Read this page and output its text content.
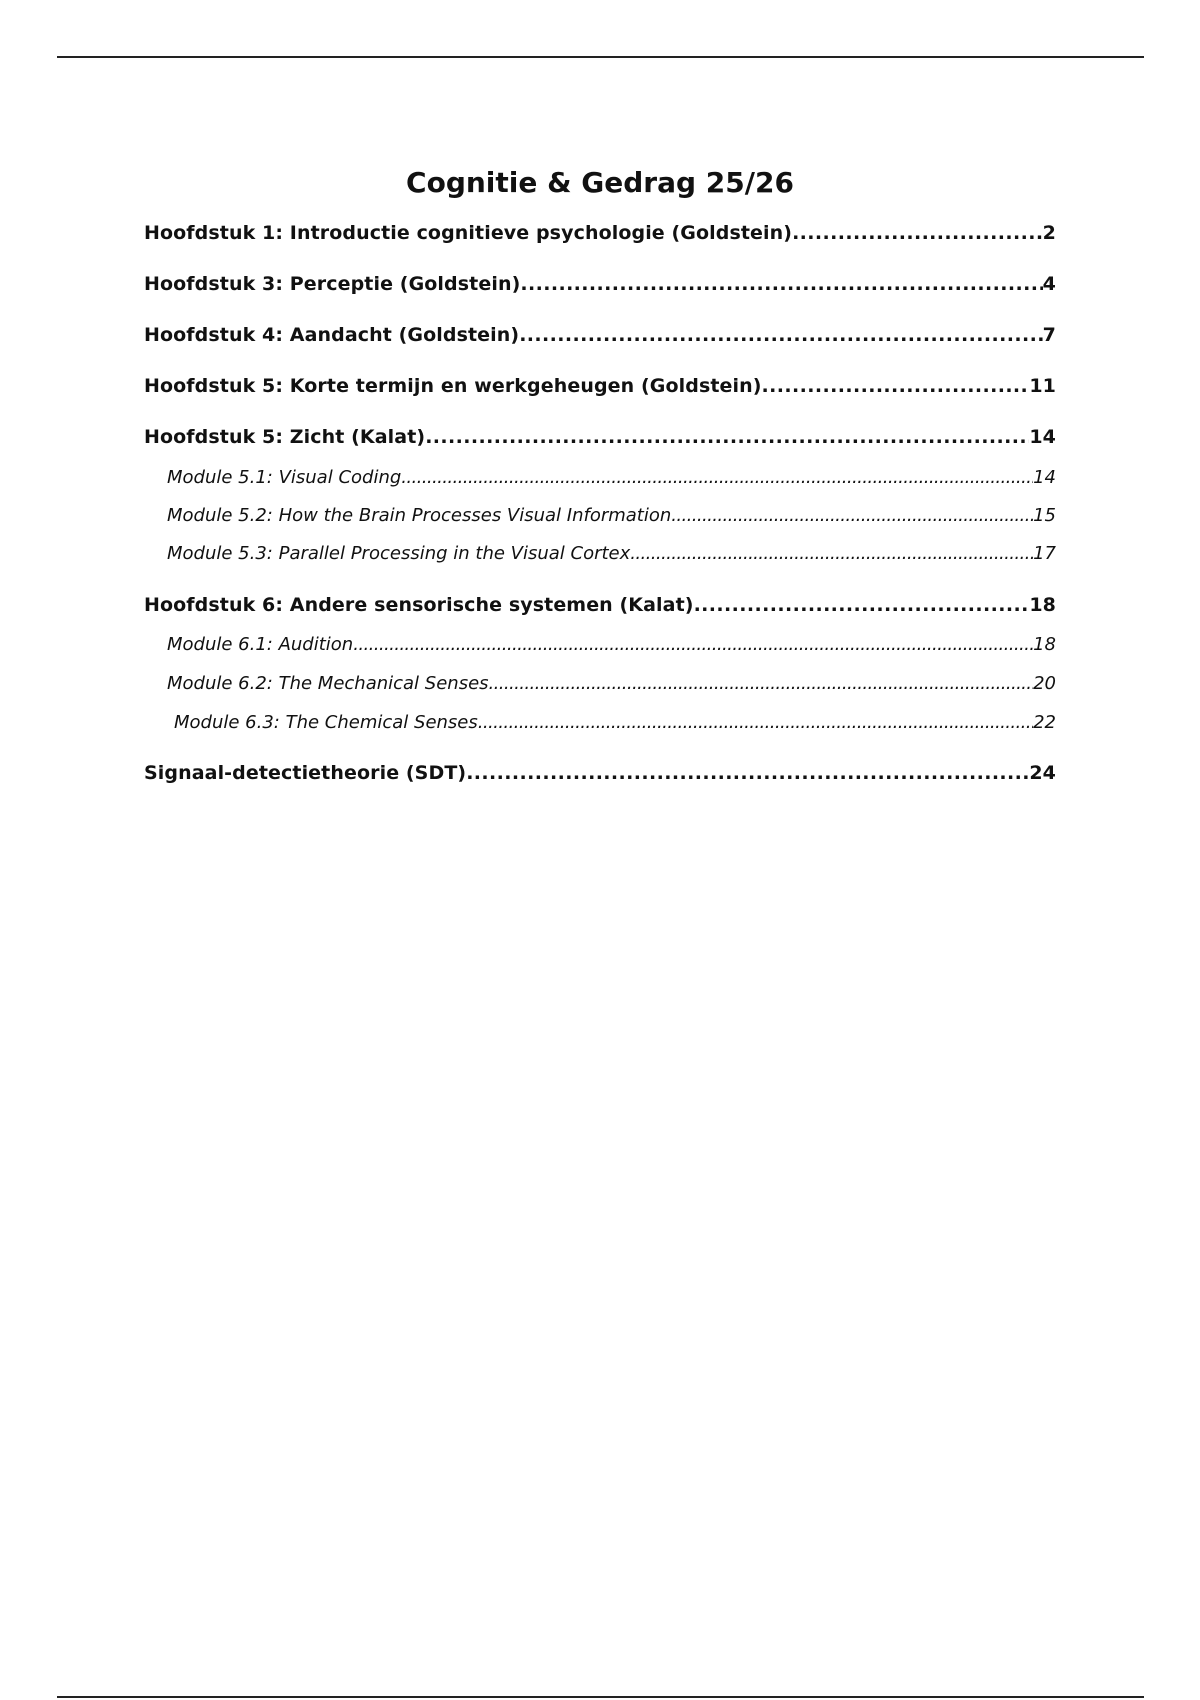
Cognitie & Gedrag 25/26
Hoofdstuk 1: Introductie cognitieve psychologie (Goldstein) .....	2
Hoofdstuk 3: Perceptie (Goldstein) .....	4
Hoofdstuk 4: Aandacht (Goldstein) .....	7
Hoofdstuk 5: Korte termijn en werkgeheugen (Goldstein) .....	11
Hoofdstuk 5: Zicht (Kalat) .....	14
Module 5.1: Visual Coding .....	14
Module 5.2: How the Brain Processes Visual Information .....	15
Module 5.3: Parallel Processing in the Visual Cortex .....	17
Hoofdstuk 6: Andere sensorische systemen (Kalat) .....	18
Module 6.1: Audition .....	18
Module 6.2: The Mechanical Senses .....	20
Module 6.3: The Chemical Senses .....	22
Signaal-detectietheorie (SDT) .....	24
